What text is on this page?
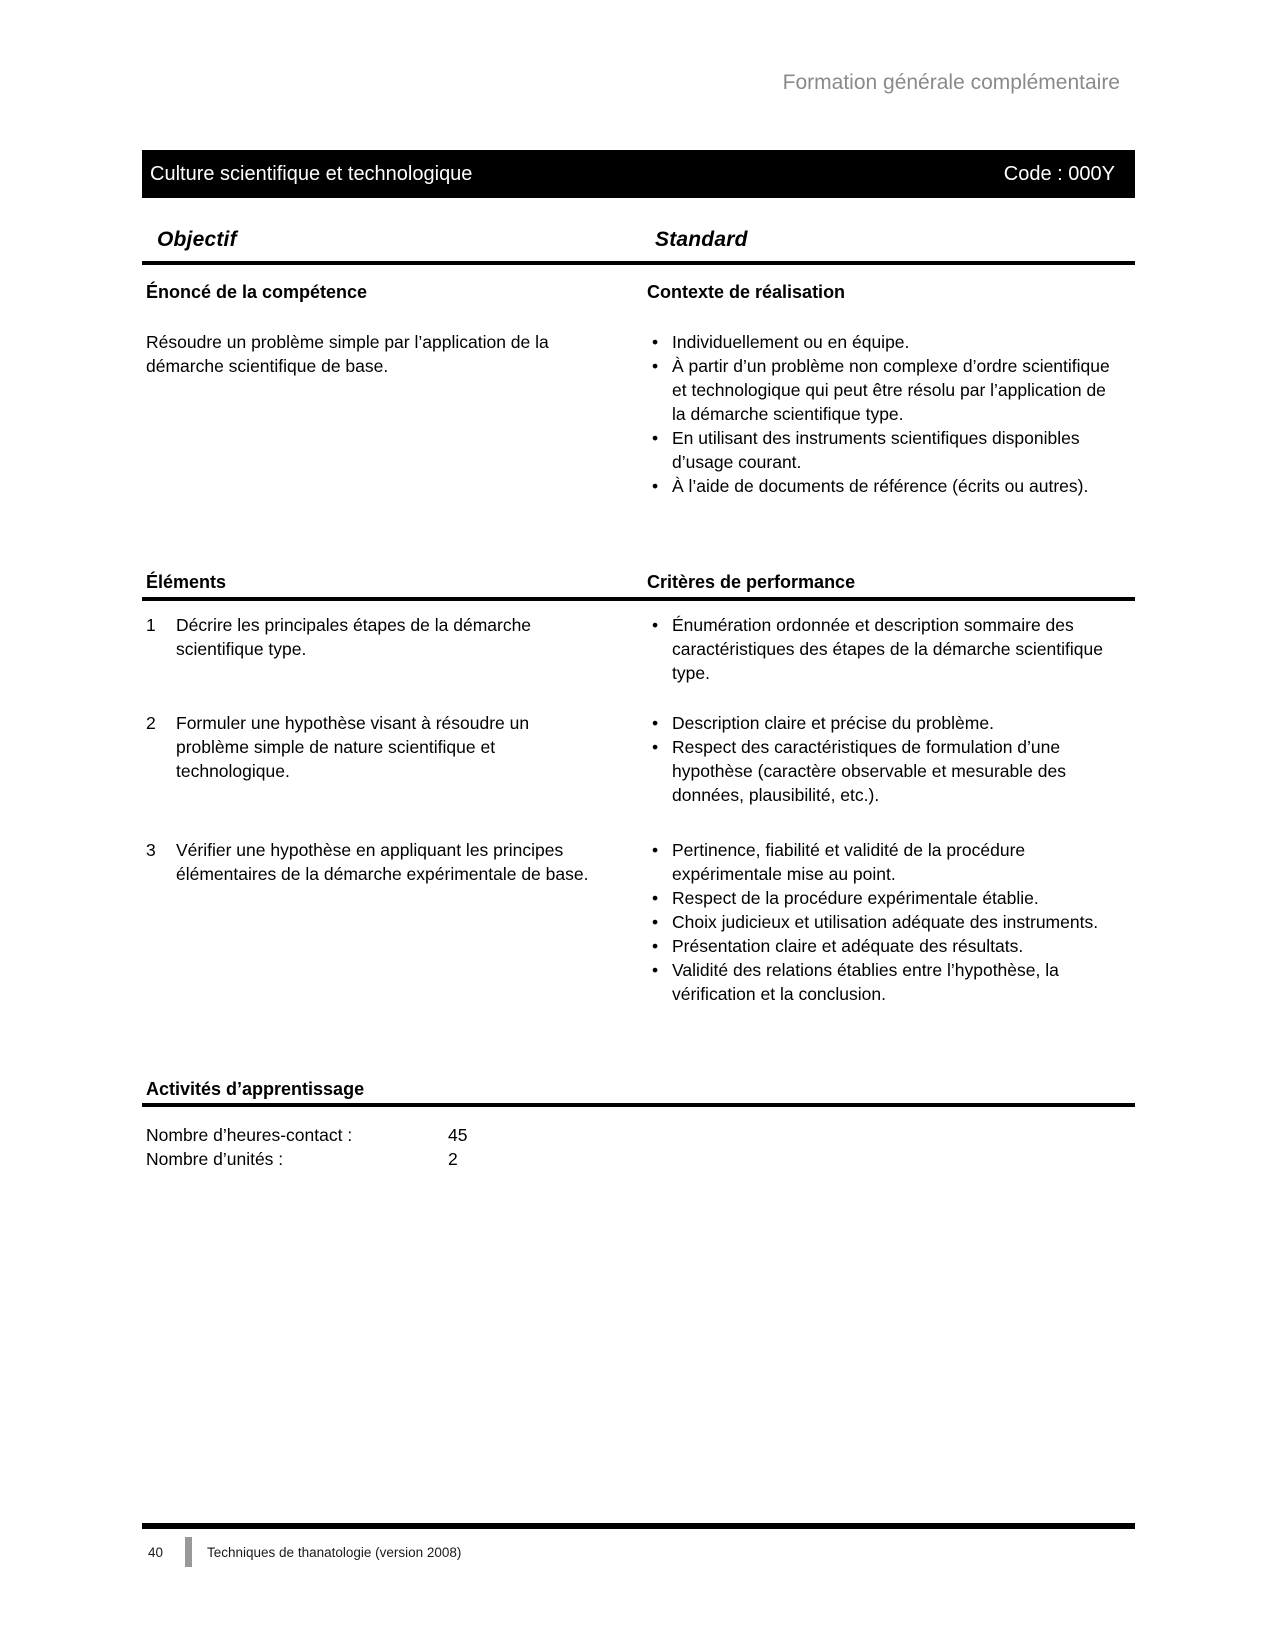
Formation générale complémentaire
Culture scientifique et technologique	Code : 000Y
Objectif	Standard
Énoncé de la compétence	Contexte de réalisation
Résoudre un problème simple par l’application de la démarche scientifique de base.
• Individuellement ou en équipe.
• À partir d’un problème non complexe d’ordre scientifique et technologique qui peut être résolu par l’application de la démarche scientifique type.
• En utilisant des instruments scientifiques disponibles d’usage courant.
• À l’aide de documents de référence (écrits ou autres).
Éléments	Critères de performance
1	Décrire les principales étapes de la démarche scientifique type.
• Énumération ordonnée et description sommaire des caractéristiques des étapes de la démarche scientifique type.
2	Formuler une hypothèse visant à résoudre un problème simple de nature scientifique et technologique.
• Description claire et précise du problème.
• Respect des caractéristiques de formulation d’une hypothèse (caractère observable et mesurable des données, plausibilité, etc.).
3	Vérifier une hypothèse en appliquant les principes élémentaires de la démarche expérimentale de base.
• Pertinence, fiabilité et validité de la procédure expérimentale mise au point.
• Respect de la procédure expérimentale établie.
• Choix judicieux et utilisation adéquate des instruments.
• Présentation claire et adéquate des résultats.
• Validité des relations établies entre l’hypothèse, la vérification et la conclusion.
Activités d’apprentissage
Nombre d’heures-contact :	45
Nombre d’unités :	2
40	Techniques de thanatologie (version 2008)
